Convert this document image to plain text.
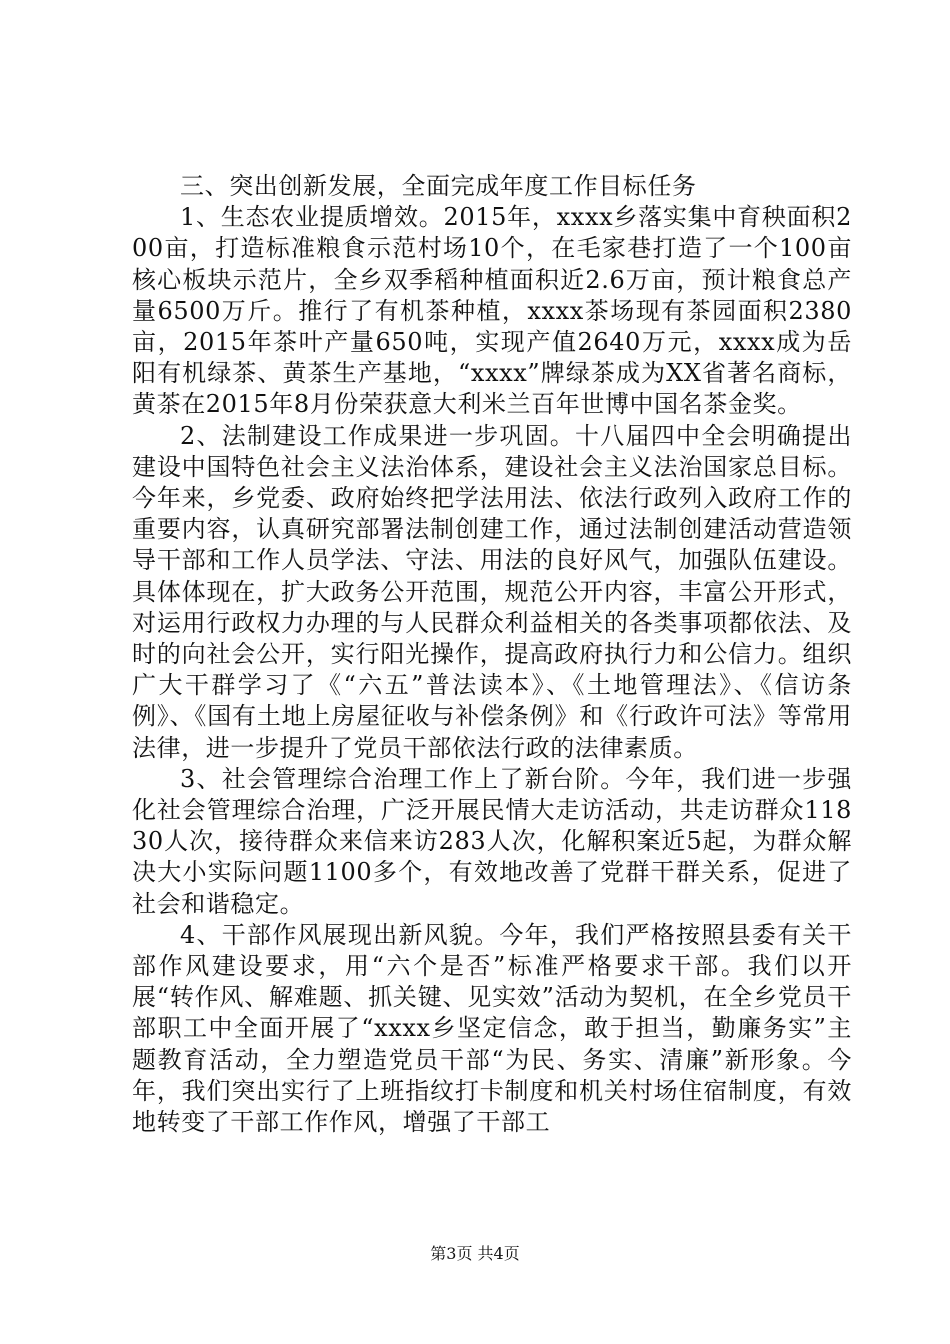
三、突出创新发展，全面完成年度工作目标任务

1、生态农业提质增效。2015年，xxxx乡落实集中育秧面积200亩，打造标准粮食示范村场10个，在毛家巷打造了一个100亩核心板块示范片，全乡双季稻种植面积近2.6万亩，预计粮食总产量6500万斤。推行了有机茶种植，xxxx茶场现有茶园面积2380亩，2015年茶叶产量650吨，实现产值2640万元，xxxx成为岳阳有机绿茶、黄茶生产基地，“xxxx”牌绿茶成为XX省著名商标，黄茶在2015年8月份荣获意大利米兰百年世博中国名茶金奖。

2、法制建设工作成果进一步巩固。十八届四中全会明确提出建设中国特色社会主义法治体系，建设社会主义法治国家总目标。今年来，乡党委、政府始终把学法用法、依法行政列入政府工作的重要内容，认真研究部署法制创建工作，通过法制创建活动营造领导干部和工作人员学法、守法、用法的良好风气，加强队伍建设。具体体现在，扩大政务公开范围，规范公开内容，丰富公开形式，对运用行政权力办理的与人民群众利益相关的各类事项都依法、及时的向社会公开，实行阳光操作，提高政府执行力和公信力。组织广大干群学习了《“六五”普法读本》、《土地管理法》、《信访条例》、《国有土地上房屋征收与补偿条例》和《行政许可法》等常用法律，进一步提升了党员干部依法行政的法律素质。

3、社会管理综合治理工作上了新台阶。今年，我们进一步强化社会管理综合治理，广泛开展民情大走访活动，共走访群众11830人次，接待群众来信来访283人次，化解积案近5起，为群众解决大小实际问题1100多个，有效地改善了党群干群关系，促进了社会和谐稳定。

4、干部作风展现出新风貌。今年，我们严格按照县委有关干部作风建设要求，用“六个是否”标准严格要求干部。我们以开展“转作风、解难题、抓关键、见实效”活动为契机，在全乡党员干部职工中全面开展了“xxxx乡坚定信念，敢于担当，勤廉务实”主题教育活动，全力塑造党员干部“为民、务实、清廉”新形象。今年，我们突出实行了上班指纹打卡制度和机关村场住宿制度，有效地转变了干部工作作风，增强了干部工

第3页 共4页
